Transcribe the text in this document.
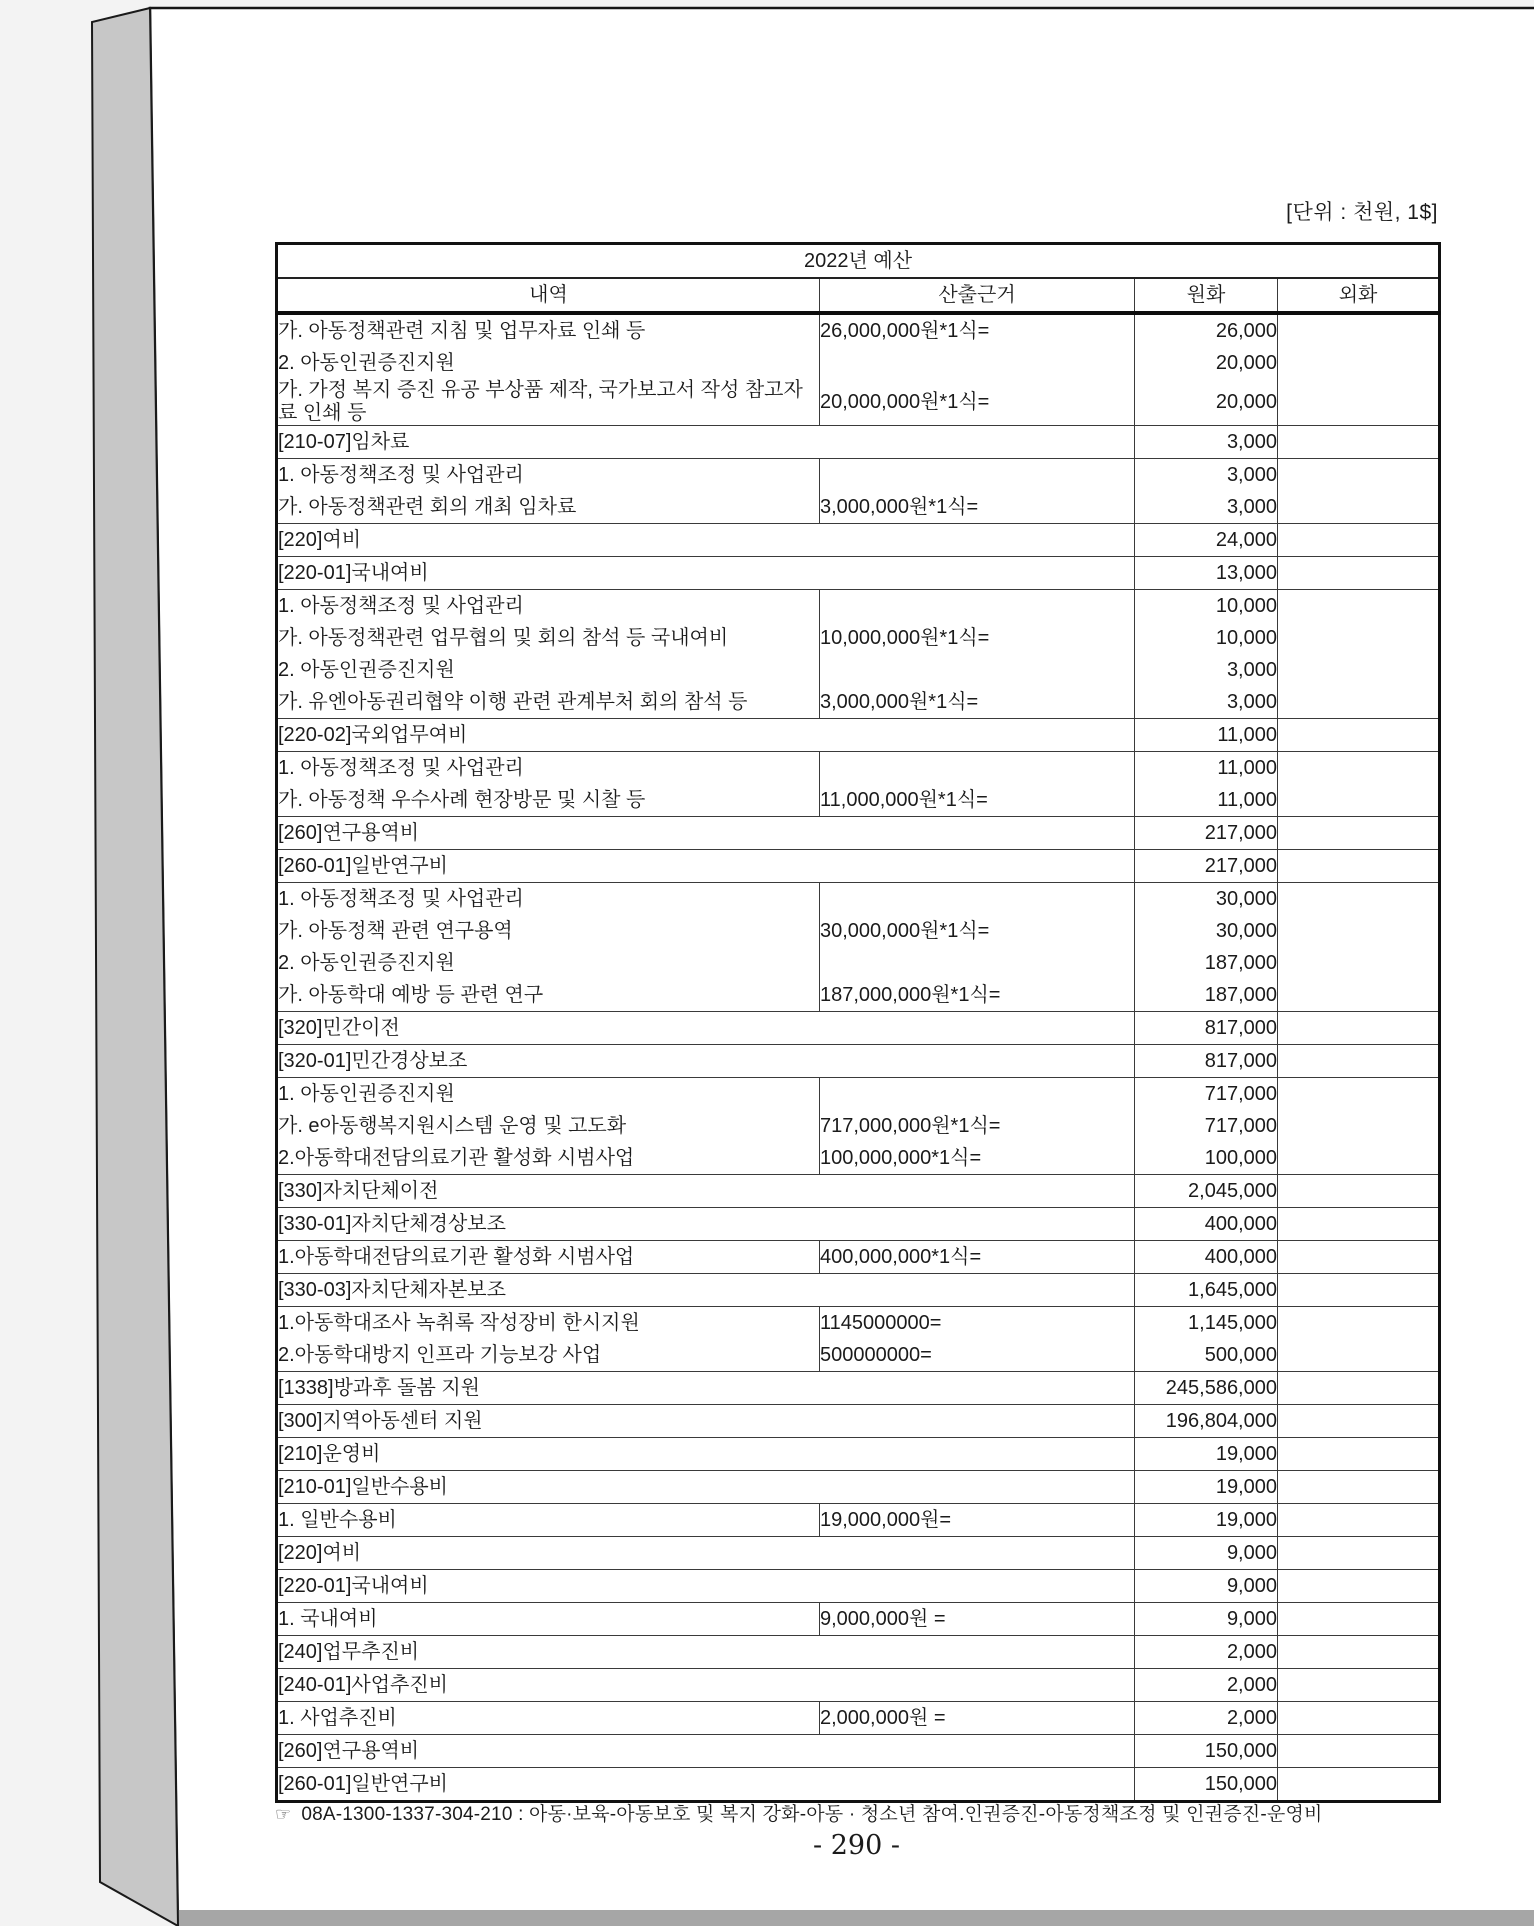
[단위 : 천원, 1$]
2022년 예산			
내역	산출근거	원화	외화
가. 아동정책관련 지침 및 업무자료 인쇄 등	26,000,000원*1식=	26,000	
2. 아동인권증진지원		20,000	
가. 가정 복지 증진 유공 부상품 제작, 국가보고서 작성 참고자료 인쇄 등	20,000,000원*1식=	20,000	
[210-07]임차료		3,000	
1. 아동정책조정 및 사업관리		3,000	
가. 아동정책관련 회의 개최 임차료	3,000,000원*1식=	3,000	
[220]여비		24,000	
[220-01]국내여비		13,000	
1. 아동정책조정 및 사업관리		10,000	
가. 아동정책관련 업무협의 및 회의 참석 등 국내여비	10,000,000원*1식=	10,000	
2. 아동인권증진지원		3,000	
가. 유엔아동권리협약 이행 관련 관계부처 회의 참석 등	3,000,000원*1식=	3,000	
[220-02]국외업무여비		11,000	
1. 아동정책조정 및 사업관리		11,000	
가. 아동정책 우수사례 현장방문 및 시찰 등	11,000,000원*1식=	11,000	
[260]연구용역비		217,000	
[260-01]일반연구비		217,000	
1. 아동정책조정 및 사업관리		30,000	
가. 아동정책 관련 연구용역	30,000,000원*1식=	30,000	
2. 아동인권증진지원		187,000	
가. 아동학대 예방 등 관련 연구	187,000,000원*1식=	187,000	
[320]민간이전		817,000	
[320-01]민간경상보조		817,000	
1. 아동인권증진지원		717,000	
가. e아동행복지원시스템 운영 및 고도화	717,000,000원*1식=	717,000	
2.아동학대전담의료기관 활성화 시범사업	100,000,000*1식=	100,000	
[330]자치단체이전		2,045,000	
[330-01]자치단체경상보조		400,000	
1.아동학대전담의료기관 활성화 시범사업	400,000,000*1식=	400,000	
[330-03]자치단체자본보조		1,645,000	
1.아동학대조사 녹취록 작성장비 한시지원	1145000000=	1,145,000	
2.아동학대방지 인프라 기능보강 사업	500000000=	500,000	
[1338]방과후 돌봄 지원		245,586,000	
[300]지역아동센터 지원		196,804,000	
[210]운영비		19,000	
[210-01]일반수용비		19,000	
1. 일반수용비	19,000,000원=	19,000	
[220]여비		9,000	
[220-01]국내여비		9,000	
1. 국내여비	9,000,000원 =	9,000	
[240]업무추진비		2,000	
[240-01]사업추진비		2,000	
1. 사업추진비	2,000,000원 =	2,000	
[260]연구용역비		150,000	
[260-01]일반연구비		150,000	
☞ 08A-1300-1337-304-210 : 아동·보육-아동보호 및 복지 강화-아동 · 청소년 참여.인권증진-아동정책조정 및 인권증진-운영비
- 290 -
